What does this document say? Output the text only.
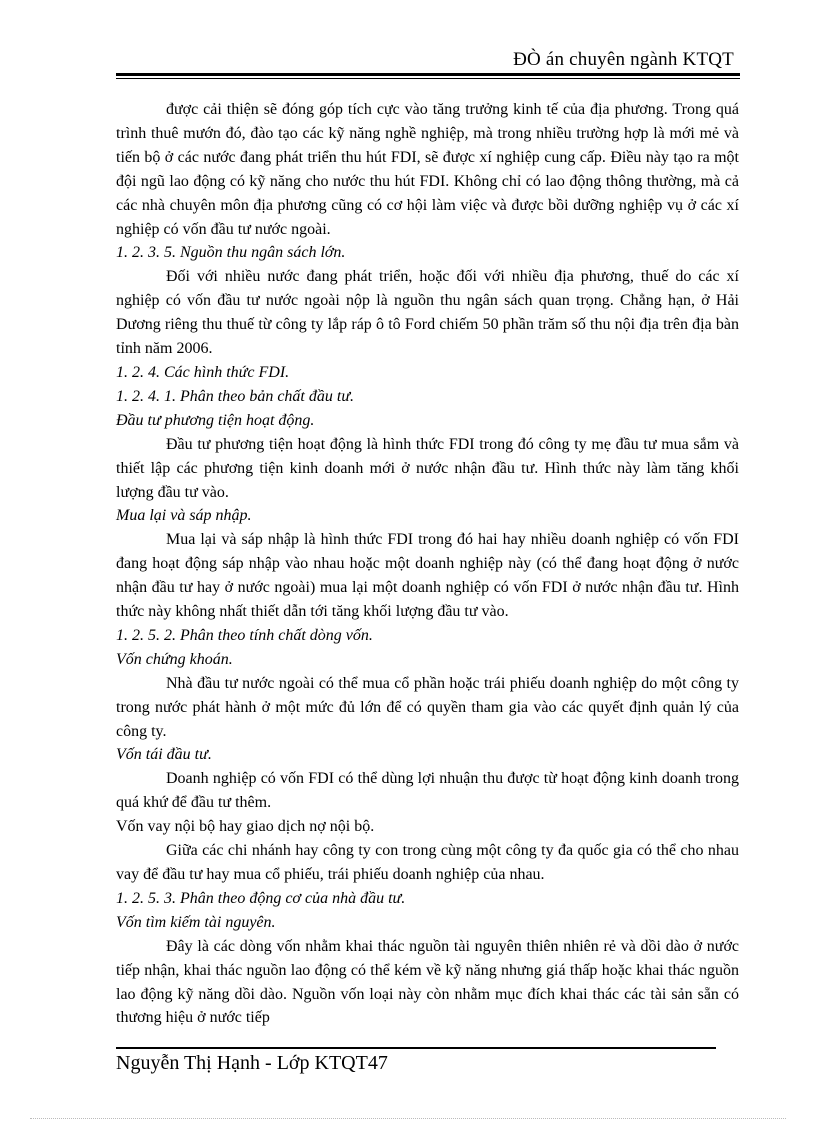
ĐÒ án chuyên ngành KTQT

được cải thiện sẽ đóng góp tích cực vào tăng trưởng kinh tế của địa phương. Trong quá trình thuê mướn đó, đào tạo các kỹ năng nghề nghiệp, mà trong nhiều trường hợp là mới mẻ và tiến bộ ở các nước đang phát triển thu hút FDI, sẽ được xí nghiệp cung cấp. Điều này tạo ra một đội ngũ lao động có kỹ năng cho nước thu hút FDI. Không chỉ có lao động thông thường, mà cả các nhà chuyên môn địa phương cũng có cơ hội làm việc và được bồi dưỡng nghiệp vụ ở các xí nghiệp có vốn đầu tư nước ngoài.

1. 2. 3. 5. Nguồn thu ngân sách lớn.

Đối với nhiều nước đang phát triển, hoặc đối với nhiều địa phương, thuế do các xí nghiệp có vốn đầu tư nước ngoài nộp là nguồn thu ngân sách quan trọng. Chẳng hạn, ở Hải Dương riêng thu thuế từ công ty lắp ráp ô tô Ford chiếm 50 phần trăm số thu nội địa trên địa bàn tỉnh năm 2006.

1. 2. 4. Các hình thức FDI.

1. 2. 4. 1. Phân theo bản chất đầu tư.

Đầu tư phương tiện hoạt động.

Đầu tư phương tiện hoạt động là hình thức FDI trong đó công ty mẹ đầu tư mua sắm và thiết lập các phương tiện kinh doanh mới ở nước nhận đầu tư. Hình thức này làm tăng khối lượng đầu tư vào.

Mua lại và sáp nhập.

Mua lại và sáp nhập là hình thức FDI trong đó hai hay nhiều doanh nghiệp có vốn FDI đang hoạt động sáp nhập vào nhau hoặc một doanh nghiệp này (có thể đang hoạt động ở nước nhận đầu tư hay ở nước ngoài) mua lại một doanh nghiệp có vốn FDI ở nước nhận đầu tư. Hình thức này không nhất thiết dẫn tới tăng khối lượng đầu tư vào.

1. 2. 5. 2. Phân theo tính chất dòng vốn.

Vốn chứng khoán.

Nhà đầu tư nước ngoài có thể mua cổ phần hoặc trái phiếu doanh nghiệp do một công ty trong nước phát hành ở một mức đủ lớn để có quyền tham gia vào các quyết định quản lý của công ty.

Vốn tái đầu tư.

Doanh nghiệp có vốn FDI có thể dùng lợi nhuận thu được từ hoạt động kinh doanh trong quá khứ để đầu tư thêm.

Vốn vay nội bộ hay giao dịch nợ nội bộ.

Giữa các chi nhánh hay công ty con trong cùng một công ty đa quốc gia có thể cho nhau vay để đầu tư hay mua cổ phiếu, trái phiếu doanh nghiệp của nhau.

1. 2. 5. 3. Phân theo động cơ của nhà đầu tư.

Vốn tìm kiếm tài nguyên.

Đây là các dòng vốn nhằm khai thác nguồn tài nguyên thiên nhiên rẻ và dồi dào ở nước tiếp nhận, khai thác nguồn lao động có thể kém về kỹ năng nhưng giá thấp hoặc khai thác nguồn lao động kỹ năng dồi dào. Nguồn vốn loại này còn nhằm mục đích khai thác các tài sản sẵn có thương hiệu ở nước tiếp

Nguyễn Thị Hạnh - Lớp KTQT47
